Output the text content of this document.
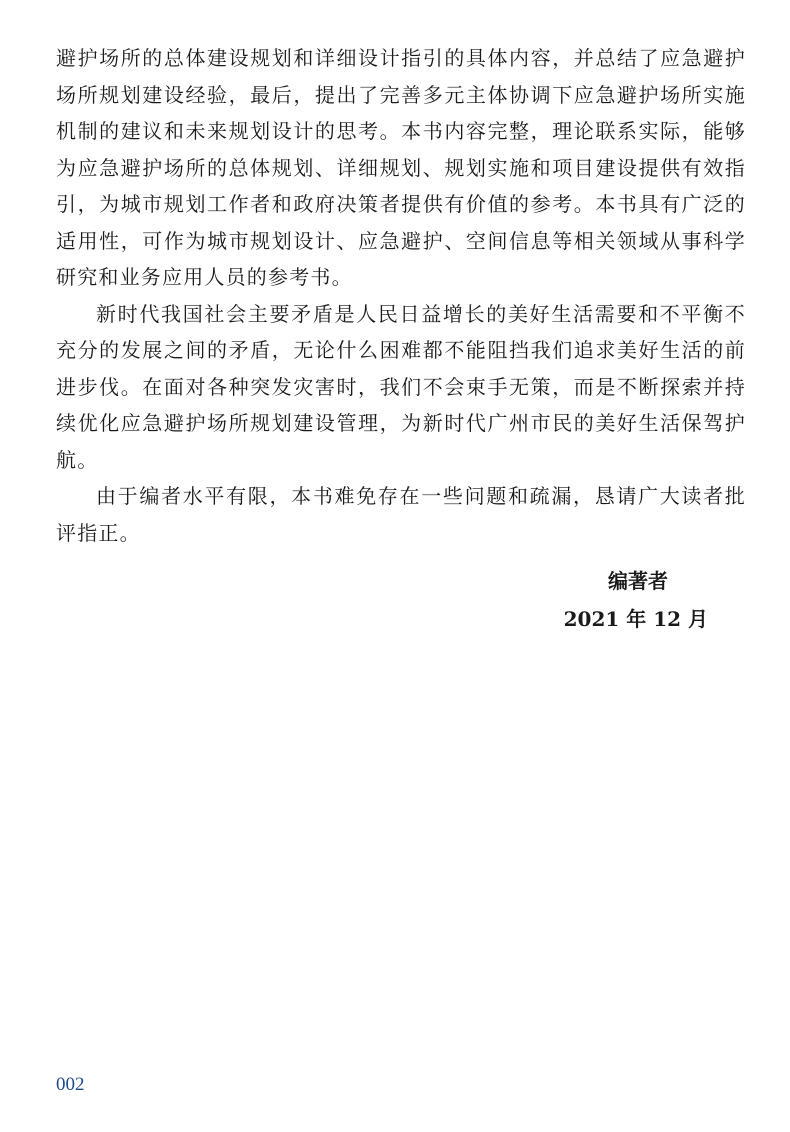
避护场所的总体建设规划和详细设计指引的具体内容，并总结了应急避护场所规划建设经验，最后，提出了完善多元主体协调下应急避护场所实施机制的建议和未来规划设计的思考。本书内容完整，理论联系实际，能够为应急避护场所的总体规划、详细规划、规划实施和项目建设提供有效指引，为城市规划工作者和政府决策者提供有价值的参考。本书具有广泛的适用性，可作为城市规划设计、应急避护、空间信息等相关领域从事科学研究和业务应用人员的参考书。

新时代我国社会主要矛盾是人民日益增长的美好生活需要和不平衡不充分的发展之间的矛盾，无论什么困难都不能阻挡我们追求美好生活的前进步伐。在面对各种突发灾害时，我们不会束手无策，而是不断探索并持续优化应急避护场所规划建设管理，为新时代广州市民的美好生活保驾护航。

由于编者水平有限，本书难免存在一些问题和疏漏，恳请广大读者批评指正。

编著者
2021 年 12 月
002
